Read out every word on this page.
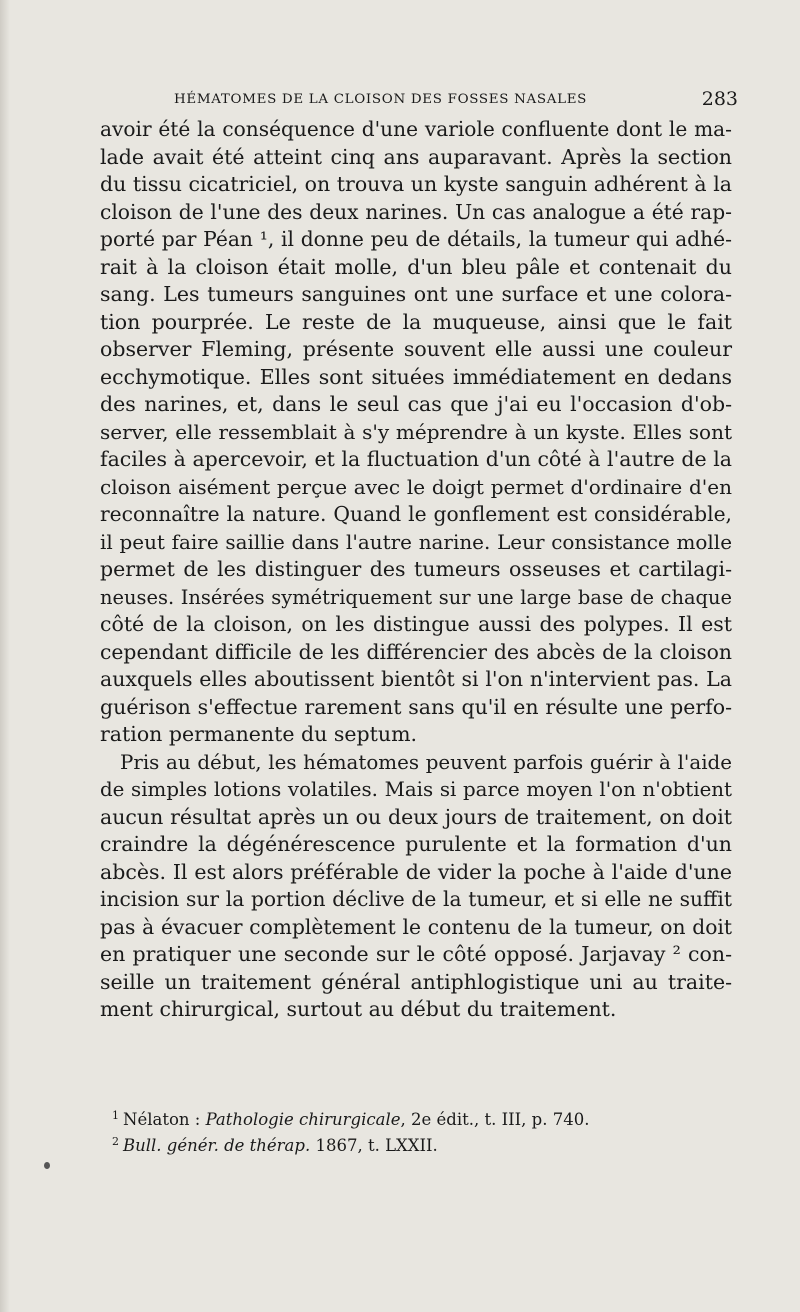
HÉMATOMES DE LA CLOISON DES FOSSES NASALES	283

avoir été la conséquence d'une variole confluente dont le ma-
lade avait été atteint cinq ans auparavant. Après la section
du tissu cicatriciel, on trouva un kyste sanguin adhérent à la
cloison de l'une des deux narines. Un cas analogue a été rap-
porté par Péan ¹, il donne peu de détails, la tumeur qui adhé-
rait à la cloison était molle, d'un bleu pâle et contenait du
sang. Les tumeurs sanguines ont une surface et une colora-
tion pourprée. Le reste de la muqueuse, ainsi que le fait
observer Fleming, présente souvent elle aussi une couleur
ecchymotique. Elles sont situées immédiatement en dedans
des narines, et, dans le seul cas que j'ai eu l'occasion d'ob-
server, elle ressemblait à s'y méprendre à un kyste. Elles sont
faciles à apercevoir, et la fluctuation d'un côté à l'autre de la
cloison aisément perçue avec le doigt permet d'ordinaire d'en
reconnaître la nature. Quand le gonflement est considérable,
il peut faire saillie dans l'autre narine. Leur consistance molle
permet de les distinguer des tumeurs osseuses et cartilagi-
neuses. Insérées symétriquement sur une large base de chaque
côté de la cloison, on les distingue aussi des polypes. Il est
cependant difficile de les différencier des abcès de la cloison
auxquels elles aboutissent bientôt si l'on n'intervient pas. La
guérison s'effectue rarement sans qu'il en résulte une perfo-
ration permanente du septum.

Pris au début, les hématomes peuvent parfois guérir à l'aide
de simples lotions volatiles. Mais si parce moyen l'on n'obtient
aucun résultat après un ou deux jours de traitement, on doit
craindre la dégénérescence purulente et la formation d'un
abcès. Il est alors préférable de vider la poche à l'aide d'une
incision sur la portion déclive de la tumeur, et si elle ne suffit
pas à évacuer complètement le contenu de la tumeur, on doit
en pratiquer une seconde sur le côté opposé. Jarjavay ² con-
seille un traitement général antiphlogistique uni au traite-
ment chirurgical, surtout au début du traitement.

$^1$ Nélaton : Pathologie chirurgicale, 2e édit., t. III, p. 740.
$^2$ Bull. génér. de thérap. 1867, t. LXXII.
